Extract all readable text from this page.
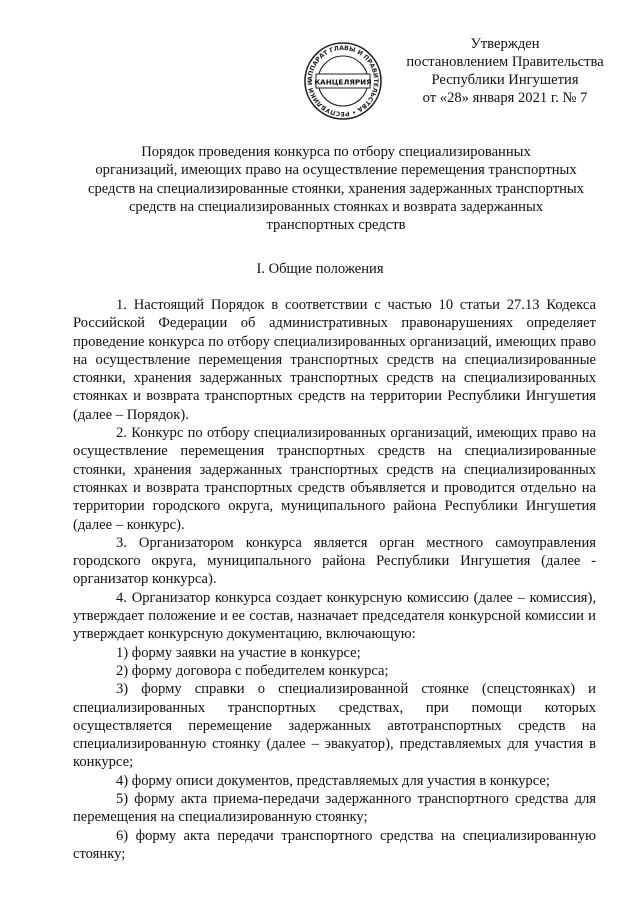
АППАРАТ ГЛАВЫ И ПРАВИТЕЛЬСТВА • РЕСПУБЛИКИ И КАНЦЕЛЯРИЯ
Утвержден
постановлением Правительства
Республики Ингушетия
от «28» января 2021 г. № 7
Порядок проведения конкурса по отбору специализированных
организаций, имеющих право на осуществление перемещения транспортных
средств на специализированные стоянки, хранения задержанных транспортных
средств на специализированных стоянках и возврата задержанных
транспортных средств
I. Общие положения

1. Настоящий Порядок в соответствии с частью 10 статьи 27.13 Кодекса Российской Федерации об административных правонарушениях определяет проведение конкурса по отбору специализированных организаций, имеющих право на осуществление перемещения транспортных средств на специализированные стоянки, хранения задержанных транспортных средств на специализированных стоянках и возврата транспортных средств на территории Республики Ингушетия (далее – Порядок).

2. Конкурс по отбору специализированных организаций, имеющих право на осуществление перемещения транспортных средств на специализированные стоянки, хранения задержанных транспортных средств на специализированных стоянках и возврата транспортных средств объявляется и проводится отдельно на территории городского округа, муниципального района Республики Ингушетия (далее – конкурс).

3. Организатором конкурса является орган местного самоуправления городского округа, муниципального района Республики Ингушетия (далее - организатор конкурса).

4. Организатор конкурса создает конкурсную комиссию (далее – комиссия), утверждает положение и ее состав, назначает председателя конкурсной комиссии и утверждает конкурсную документацию, включающую:

1) форму заявки на участие в конкурсе;

2) форму договора с победителем конкурса;

3) форму справки о специализированной стоянке (спецстоянках) и специализированных транспортных средствах, при помощи которых осуществляется перемещение задержанных автотранспортных средств на специализированную стоянку (далее – эвакуатор), представляемых для участия в конкурсе;

4) форму описи документов, представляемых для участия в конкурсе;

5) форму акта приема-передачи задержанного транспортного средства для перемещения на специализированную стоянку;

6) форму акта передачи транспортного средства на специализированную стоянку;
